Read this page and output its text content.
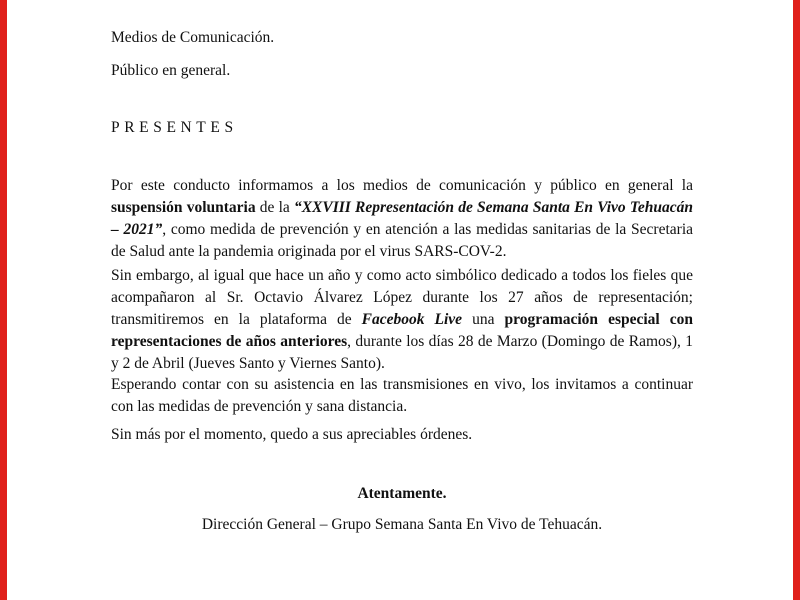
Medios de Comunicación.
Público en general.
PRESENTES

Por este conducto informamos a los medios de comunicación y público en general la suspensión voluntaria de la “XXVIII Representación de Semana Santa En Vivo Tehuacán – 2021”, como medida de prevención y en atención a las medidas sanitarias de la Secretaria de Salud ante la pandemia originada por el virus SARS-COV-2.

Sin embargo, al igual que hace un año y como acto simbólico dedicado a todos los fieles que acompañaron al Sr. Octavio Álvarez López durante los 27 años de representación; transmitiremos en la plataforma de Facebook Live una programación especial con representaciones de años anteriores, durante los días 28 de Marzo (Domingo de Ramos), 1 y 2 de Abril (Jueves Santo y Viernes Santo).

Esperando contar con su asistencia en las transmisiones en vivo, los invitamos a continuar con las medidas de prevención y sana distancia.

Sin más por el momento, quedo a sus apreciables órdenes.

Atentamente.
Dirección General – Grupo Semana Santa En Vivo de Tehuacán.
